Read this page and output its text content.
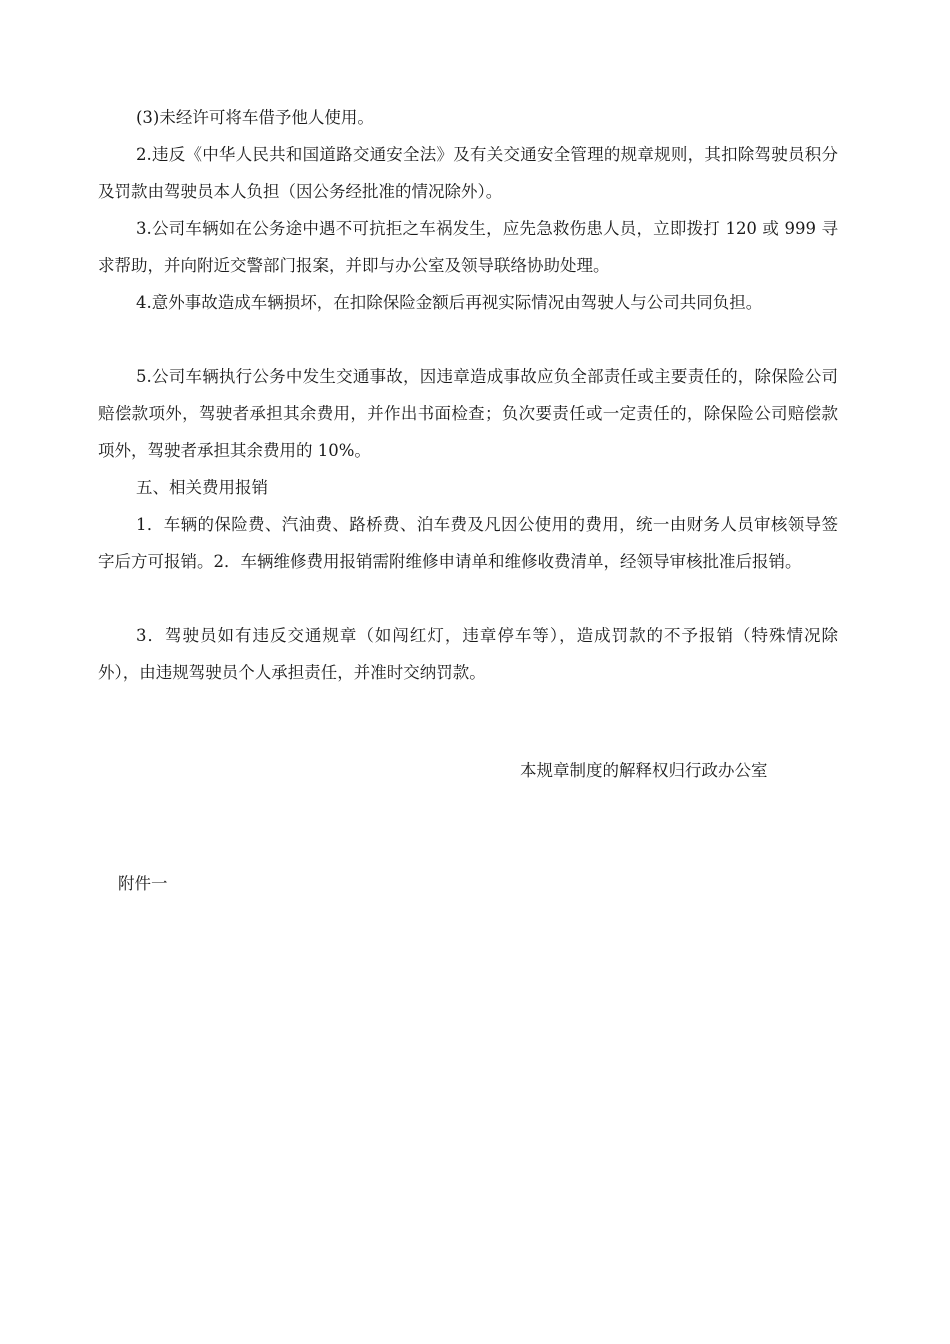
(3)未经许可将车借予他人使用。

2.违反《中华人民共和国道路交通安全法》及有关交通安全管理的规章规则，其扣除驾驶员积分及罚款由驾驶员本人负担（因公务经批准的情况除外）。

3.公司车辆如在公务途中遇不可抗拒之车祸发生，应先急救伤患人员，立即拨打 120 或 999 寻求帮助，并向附近交警部门报案，并即与办公室及领导联络协助处理。

4.意外事故造成车辆损坏，在扣除保险金额后再视实际情况由驾驶人与公司共同负担。

5.公司车辆执行公务中发生交通事故，因违章造成事故应负全部责任或主要责任的，除保险公司赔偿款项外，驾驶者承担其余费用，并作出书面检查；负次要责任或一定责任的，除保险公司赔偿款项外，驾驶者承担其余费用的 10%。

五、相关费用报销

1．车辆的保险费、汽油费、路桥费、泊车费及凡因公使用的费用，统一由财务人员审核领导签字后方可报销。2．车辆维修费用报销需附维修申请单和维修收费清单，经领导审核批准后报销。

3．驾驶员如有违反交通规章（如闯红灯，违章停车等），造成罚款的不予报销（特殊情况除外），由违规驾驶员个人承担责任，并准时交纳罚款。

本规章制度的解释权归行政办公室
附件一
